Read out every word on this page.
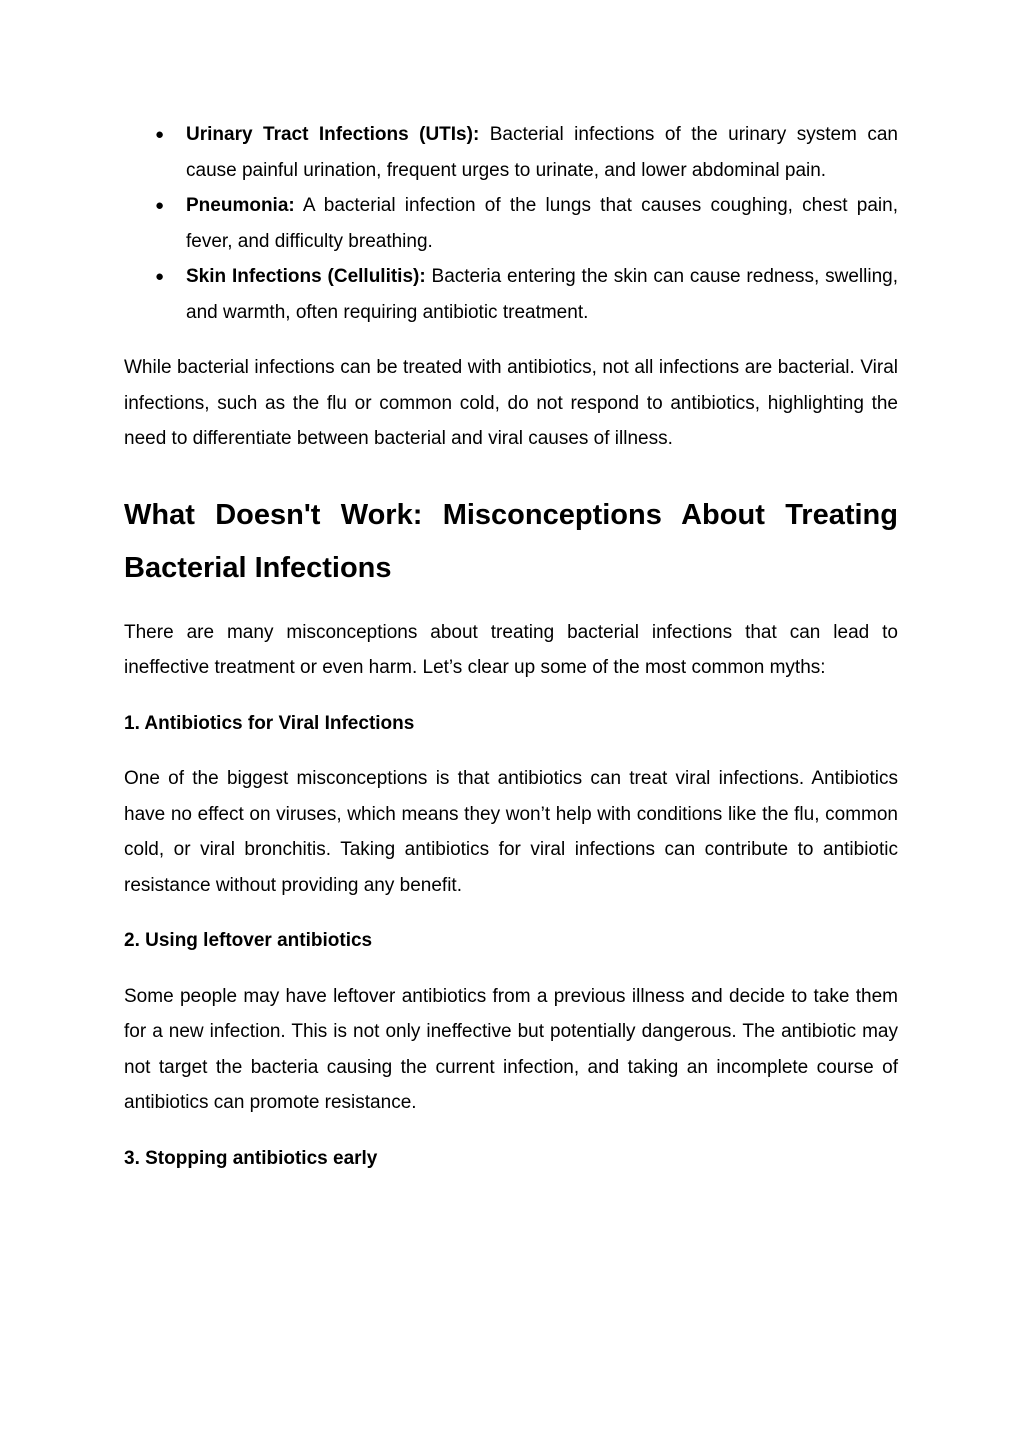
● Urinary Tract Infections (UTIs): Bacterial infections of the urinary system can cause painful urination, frequent urges to urinate, and lower abdominal pain.
● Pneumonia: A bacterial infection of the lungs that causes coughing, chest pain, fever, and difficulty breathing.
● Skin Infections (Cellulitis): Bacteria entering the skin can cause redness, swelling, and warmth, often requiring antibiotic treatment.

While bacterial infections can be treated with antibiotics, not all infections are bacterial. Viral infections, such as the flu or common cold, do not respond to antibiotics, highlighting the need to differentiate between bacterial and viral causes of illness.

What Doesn't Work: Misconceptions About Treating Bacterial Infections

There are many misconceptions about treating bacterial infections that can lead to ineffective treatment or even harm. Let’s clear up some of the most common myths:

1. Antibiotics for Viral Infections

One of the biggest misconceptions is that antibiotics can treat viral infections. Antibiotics have no effect on viruses, which means they won’t help with conditions like the flu, common cold, or viral bronchitis. Taking antibiotics for viral infections can contribute to antibiotic resistance without providing any benefit.

2. Using leftover antibiotics

Some people may have leftover antibiotics from a previous illness and decide to take them for a new infection. This is not only ineffective but potentially dangerous. The antibiotic may not target the bacteria causing the current infection, and taking an incomplete course of antibiotics can promote resistance.

3. Stopping antibiotics early
